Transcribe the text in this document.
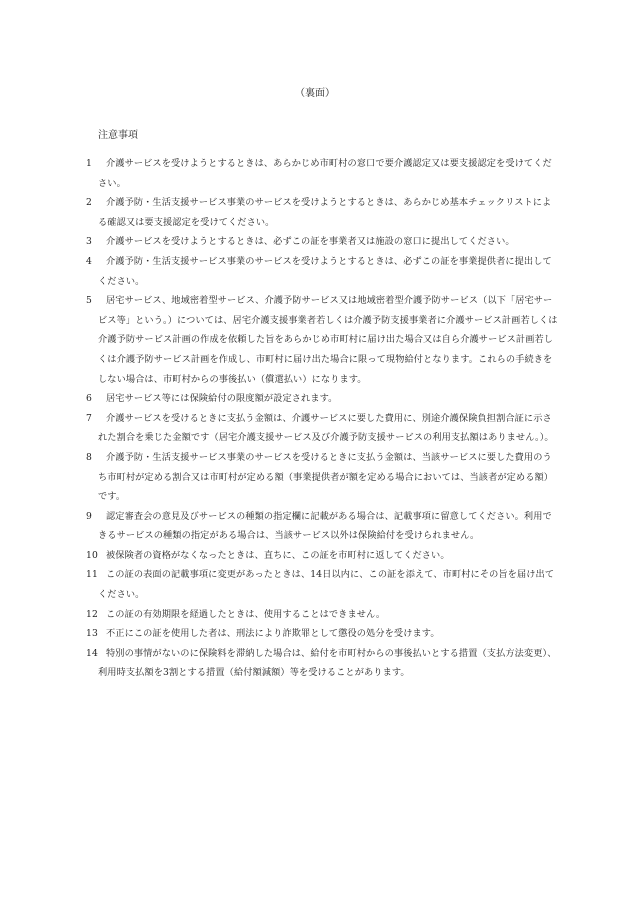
（裏面）
注意事項
1	介護サービスを受けようとするときは、あらかじめ市町村の窓口で要介護認定又は要支援認定を受けてください。
2	介護予防・生活支援サービス事業のサービスを受けようとするときは、あらかじめ基本チェックリストによる確認又は要支援認定を受けてください。
3	介護サービスを受けようとするときは、必ずこの証を事業者又は施設の窓口に提出してください。
4	介護予防・生活支援サービス事業のサービスを受けようとするときは、必ずこの証を事業提供者に提出してください。
5	居宅サービス、地域密着型サービス、介護予防サービス又は地域密着型介護予防サービス（以下「居宅サービス等」という。）については、居宅介護支援事業者若しくは介護予防支援事業者に介護サービス計画若しくは介護予防サービス計画の作成を依頼した旨をあらかじめ市町村に届け出た場合又は自ら介護サービス計画若しくは介護予防サービス計画を作成し、市町村に届け出た場合に限って現物給付となります。これらの手続きをしない場合は、市町村からの事後払い（償還払い）になります。
6	居宅サービス等には保険給付の限度額が設定されます。
7	介護サービスを受けるときに支払う金額は、介護サービスに要した費用に、別途介護保険負担割合証に示された割合を乗じた金額です（居宅介護支援サービス及び介護予防支援サービスの利用支払額はありません。）。
8	介護予防・生活支援サービス事業のサービスを受けるときに支払う金額は、当該サービスに要した費用のうち市町村が定める割合又は市町村が定める額（事業提供者が額を定める場合においては、当該者が定める額）です。
9	認定審査会の意見及びサービスの種類の指定欄に記載がある場合は、記載事項に留意してください。利用できるサービスの種類の指定がある場合は、当該サービス以外は保険給付を受けられません。
10 被保険者の資格がなくなったときは、直ちに、この証を市町村に返してください。
11 この証の表面の記載事項に変更があったときは、14日以内に、この証を添えて、市町村にその旨を届け出てください。
12 この証の有効期限を経過したときは、使用することはできません。
13 不正にこの証を使用した者は、刑法により詐欺罪として懲役の処分を受けます。
14 特別の事情がないのに保険料を滞納した場合は、給付を市町村からの事後払いとする措置（支払方法変更）、利用時支払額を3割とする措置（給付額減額）等を受けることがあります。
